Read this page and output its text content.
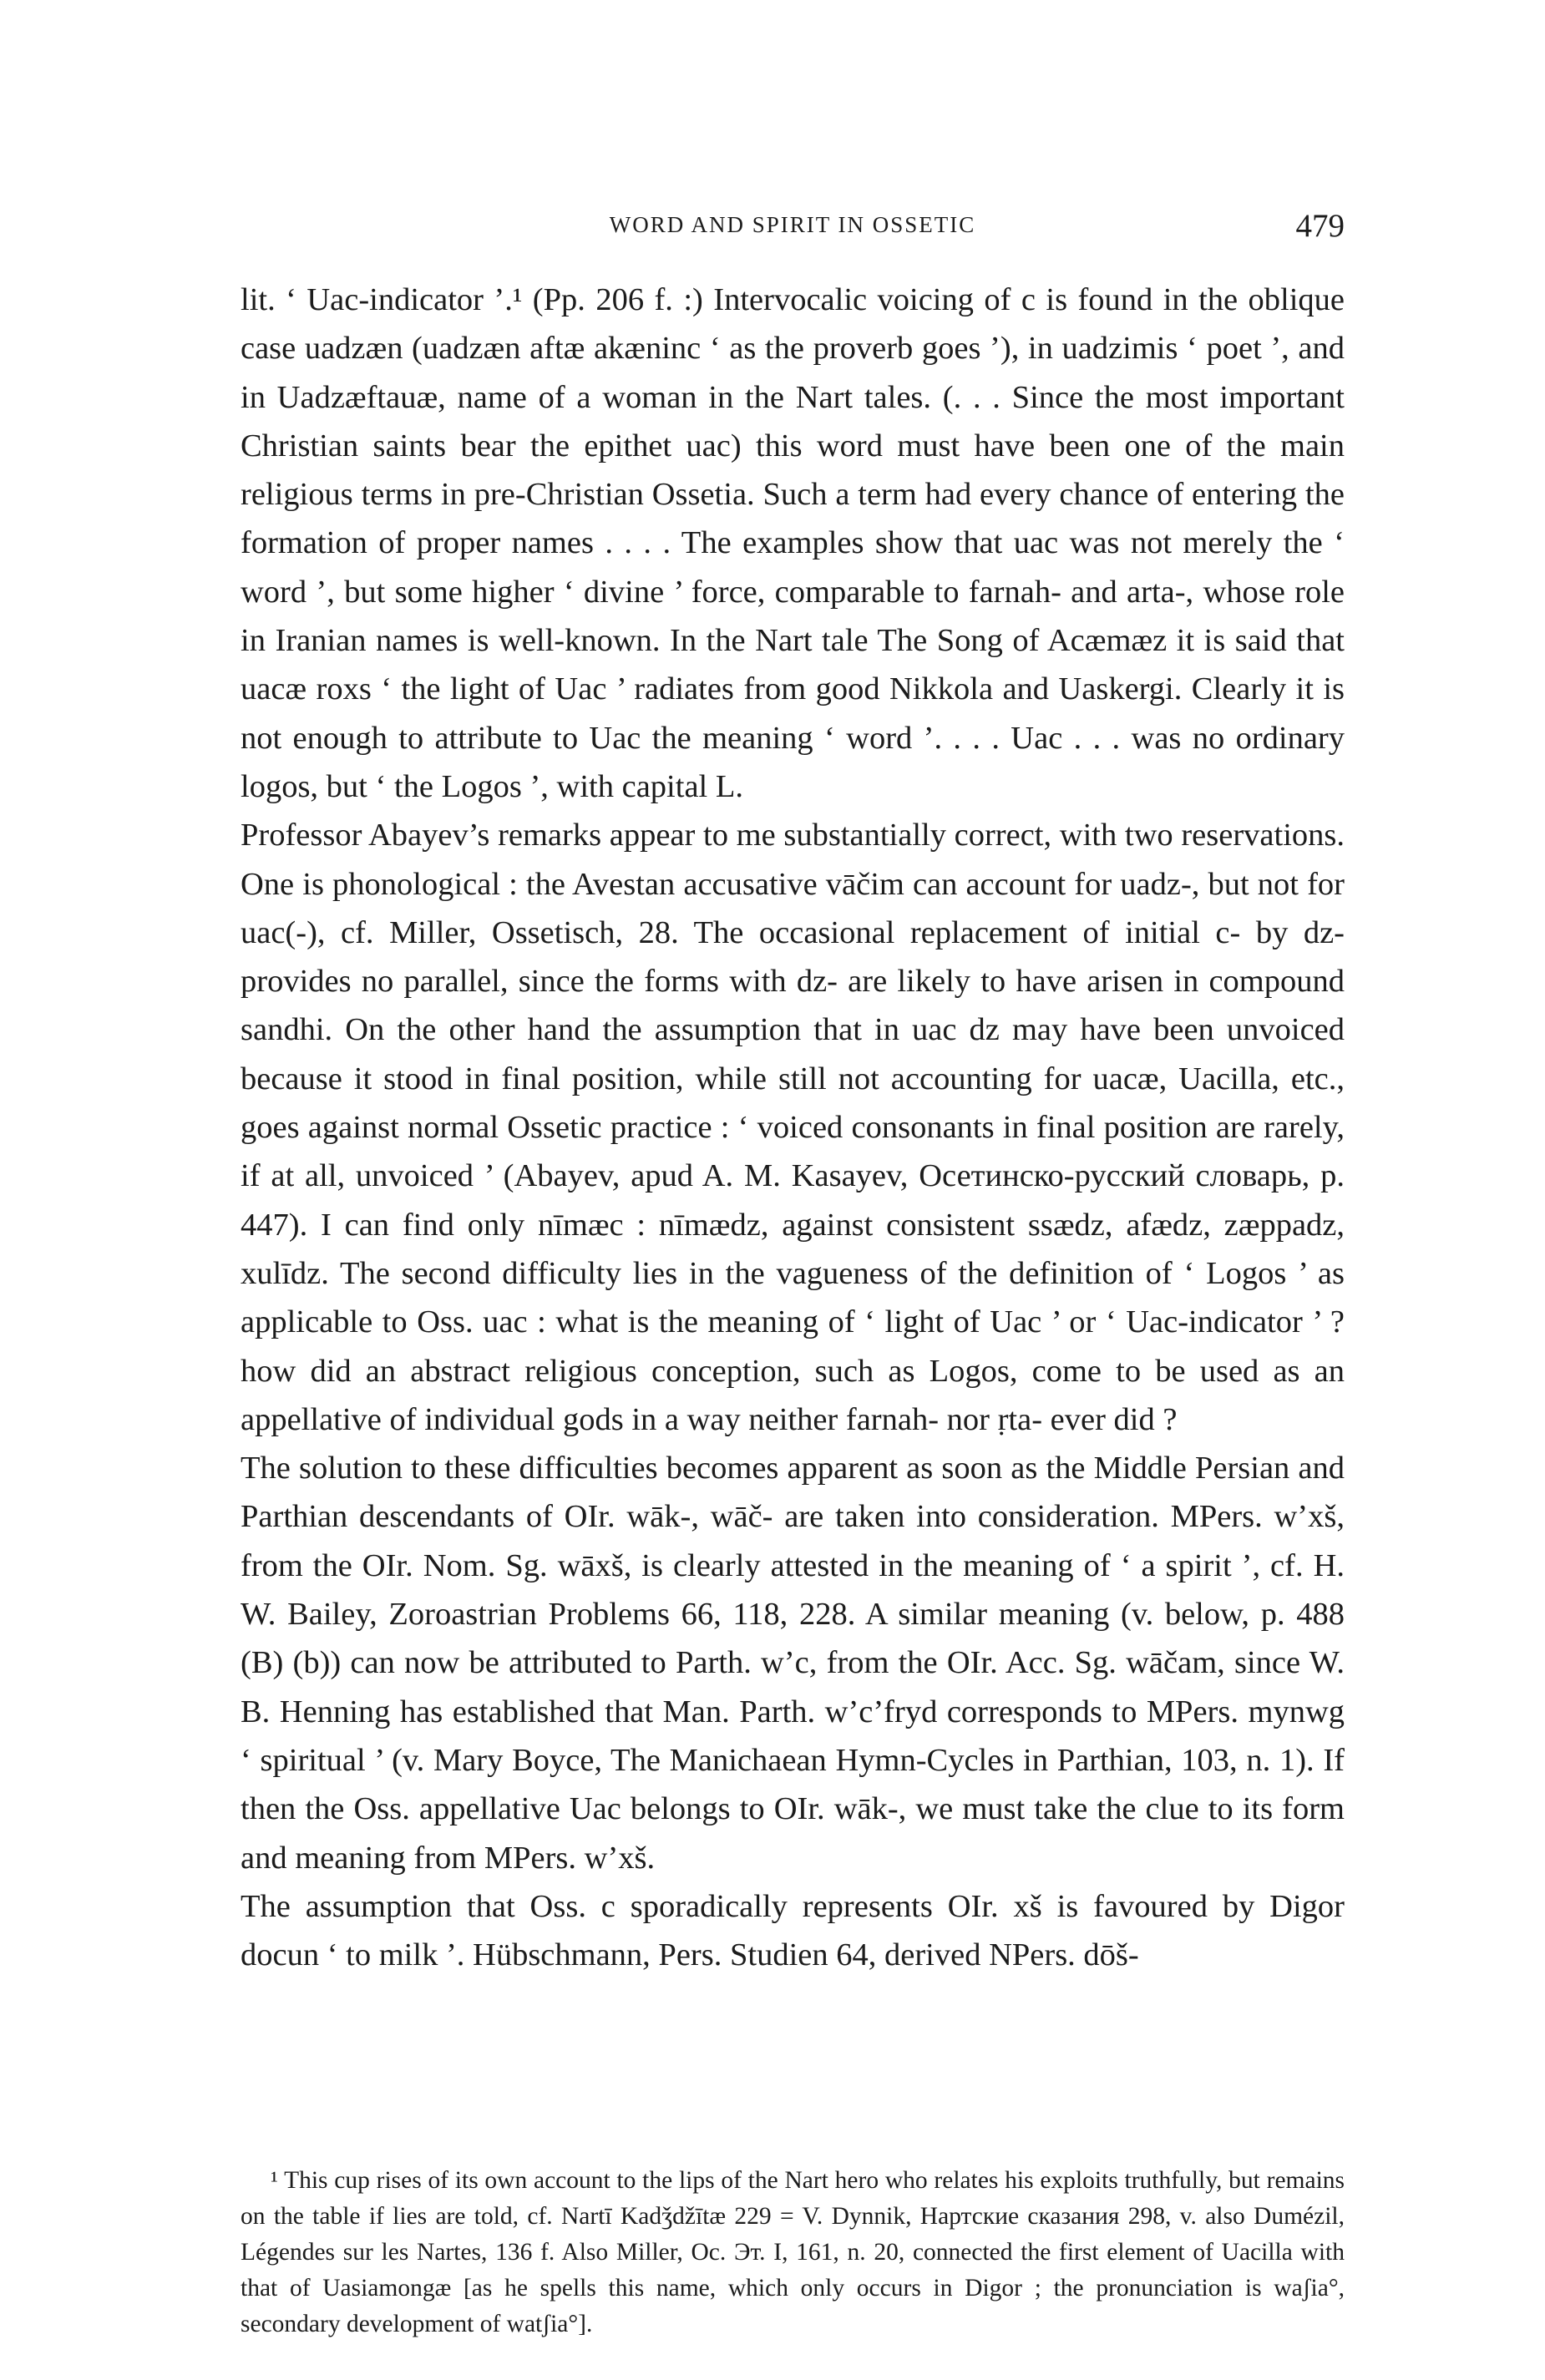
WORD AND SPIRIT IN OSSETIC	479

lit. ‘ Uac-indicator ’.¹ (Pp. 206 f. :) Intervocalic voicing of c is found in the oblique case uadzæn (uadzæn aftæ akæninc ‘ as the proverb goes ’), in uadzimis ‘ poet ’, and in Uadzæftauæ, name of a woman in the Nart tales. (. . . Since the most important Christian saints bear the epithet uac) this word must have been one of the main religious terms in pre-Christian Ossetia. Such a term had every chance of entering the formation of proper names . . . . The examples show that uac was not merely the ‘ word ’, but some higher ‘ divine ’ force, comparable to farnah- and arta-, whose role in Iranian names is well-known. In the Nart tale The Song of Acæmæz it is said that uacæ roxs ‘ the light of Uac ’ radiates from good Nikkola and Uaskergi. Clearly it is not enough to attribute to Uac the meaning ‘ word ’. . . . Uac . . . was no ordinary logos, but ‘ the Logos ’, with capital L.

Professor Abayev’s remarks appear to me substantially correct, with two reservations. One is phonological : the Avestan accusative vāčim can account for uadz-, but not for uac(-), cf. Miller, Ossetisch, 28. The occasional replacement of initial c- by dz- provides no parallel, since the forms with dz- are likely to have arisen in compound sandhi. On the other hand the assumption that in uac dz may have been unvoiced because it stood in final position, while still not accounting for uacæ, Uacilla, etc., goes against normal Ossetic practice : ‘ voiced consonants in final position are rarely, if at all, unvoiced ’ (Abayev, apud A. M. Kasayev, Осетинско-русский словарь, p. 447). I can find only nīmæc : nīmædz, against consistent ssædz, afædz, zæppadz, xulīdz. The second difficulty lies in the vagueness of the definition of ‘ Logos ’ as applicable to Oss. uac : what is the meaning of ‘ light of Uac ’ or ‘ Uac-indicator ’ ? how did an abstract religious conception, such as Logos, come to be used as an appellative of individual gods in a way neither farnah- nor ṛta- ever did ?

The solution to these difficulties becomes apparent as soon as the Middle Persian and Parthian descendants of OIr. wāk-, wāč- are taken into consideration. MPers. w’xš, from the OIr. Nom. Sg. wāxš, is clearly attested in the meaning of ‘ a spirit ’, cf. H. W. Bailey, Zoroastrian Problems 66, 118, 228. A similar meaning (v. below, p. 488 (B) (b)) can now be attributed to Parth. w’c, from the OIr. Acc. Sg. wāčam, since W. B. Henning has established that Man. Parth. w’c’fryd corresponds to MPers. mynwg ‘ spiritual ’ (v. Mary Boyce, The Manichaean Hymn-Cycles in Parthian, 103, n. 1). If then the Oss. appellative Uac belongs to OIr. wāk-, we must take the clue to its form and meaning from MPers. w’xš.

The assumption that Oss. c sporadically represents OIr. xš is favoured by Digor docun ‘ to milk ’. Hübschmann, Pers. Studien 64, derived NPers. dōš-

¹ This cup rises of its own account to the lips of the Nart hero who relates his exploits truthfully, but remains on the table if lies are told, cf. Nartī Kadǯdžītæ 229 = V. Dynnik, Нартские сказания 298, v. also Dumézil, Légendes sur les Nartes, 136 f. Also Miller, Oc. Эт. I, 161, n. 20, connected the first element of Uacilla with that of Uasiamongæ [as he spells this name, which only occurs in Digor ; the pronunciation is waʃia°, secondary development of watʃia°].
